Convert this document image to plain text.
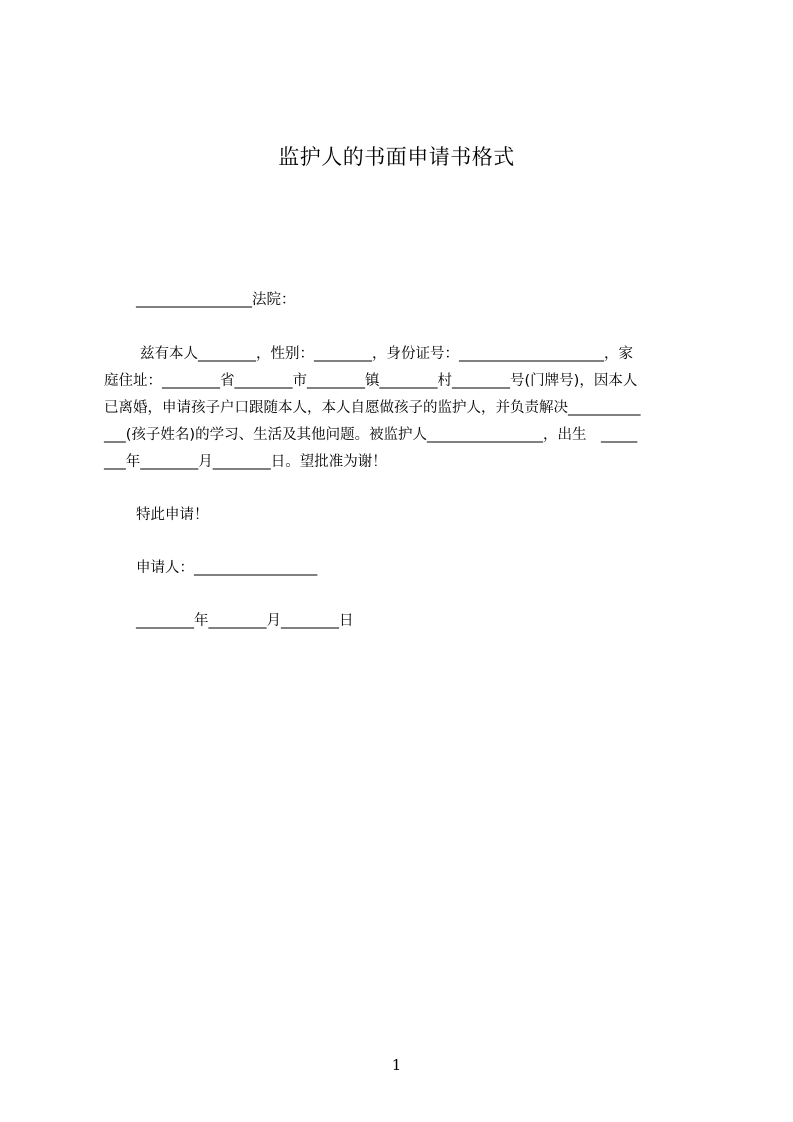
监护人的书面申请书格式
________________法院：
兹有本人________，性别：________，身份证号：____________________，家
庭住址：________省________市________镇________村________号(门牌号)，因本人
已离婚，申请孩子户口跟随本人，本人自愿做孩子的监护人，并负责解决__________
___(孩子姓名)的学习、生活及其他问题。被监护人________________，出生　_____
___年________月________日。望批准为谢！
特此申请！
申请人：_________________
________年________月________日
1
